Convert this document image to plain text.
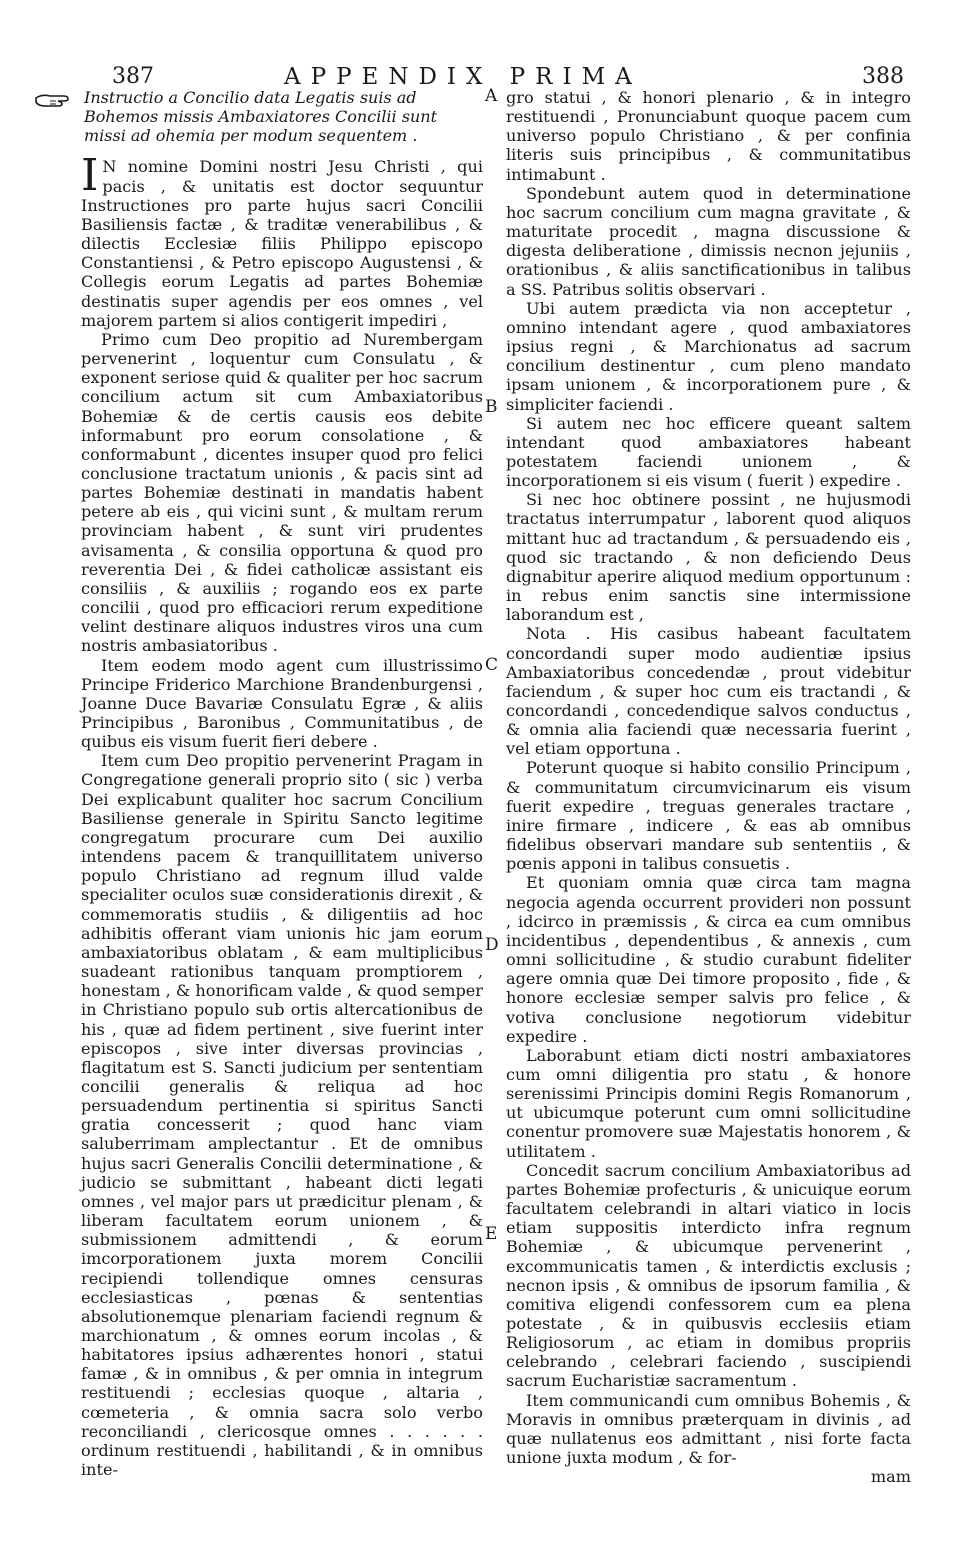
387	APPENDIX PRIMA	388

Instructio a Concilio data Legatis suis ad Bohemos missis Ambaxiatores Concilii sunt missi ad ohemia per modum sequentem .

I N nomine Domini nostri Jesu Christi , qui pacis , & unitatis est doctor sequuntur Instructiones pro parte hujus sacri Concilii Basiliensis factæ , & traditæ venerabilibus , & dilectis Ecclesiæ filiis Philippo episcopo Constantiensi , & Petro episcopo Augustensi , & Collegis eorum Legatis ad partes Bohemiæ destinatis super agendis per eos omnes , vel majorem partem si alios contigerit impediri ,

Primo cum Deo propitio ad Nurembergam pervenerint , loquentur cum Consulatu , & exponent seriose quid & qualiter per hoc sacrum concilium actum sit cum Ambaxiatoribus Bohemiæ & de certis causis eos debite informabunt pro eorum consolatione , & conformabunt , dicentes insuper quod pro felici conclusione tractatum unionis , & pacis sint ad partes Bohemiæ destinati in mandatis habent petere ab eis , qui vicini sunt , & multam rerum provinciam habent , & sunt viri prudentes avisamenta , & consilia opportuna & quod pro reverentia Dei , & fidei catholicæ assistant eis consiliis , & auxiliis ; rogando eos ex parte concilii , quod pro efficaciori rerum expeditione velint destinare aliquos industres viros una cum nostris ambasiatoribus .

Item eodem modo agent cum illustrissimo Principe Friderico Marchione Brandenburgensi , Joanne Duce Bavariæ Consulatu Egræ , & aliis Principibus , Baronibus , Communitatibus , de quibus eis visum fuerit fieri debere .

Item cum Deo propitio pervenerint Pragam in Congregatione generali proprio sito ( sic ) verba Dei explicabunt qualiter hoc sacrum Concilium Basiliense generale in Spiritu Sancto legitime congregatum procurare cum Dei auxilio intendens pacem & tranquillitatem universo populo Christiano ad regnum illud valde specialiter oculos suæ considerationis direxit , & commemoratis studiis , & diligentiis ad hoc adhibitis offerant viam unionis hic jam eorum ambaxiatoribus oblatam , & eam multiplicibus suadeant rationibus tanquam promptiorem , honestam , & honorificam valde , & quod semper in Christiano populo sub ortis altercationibus de his , quæ ad fidem pertinent , sive fuerint inter episcopos , sive inter diversas provincias , flagitatum est S. Sancti judicium per sententiam concilii generalis & reliqua ad hoc persuadendum pertinentia si spiritus Sancti gratia concesserit ; quod hanc viam saluberrimam amplectantur . Et de omnibus hujus sacri Generalis Concilii determinatione , & judicio se submittant , habeant dicti legati omnes , vel major pars ut prædicitur plenam , & liberam facultatem eorum unionem , & submissionem admittendi , & eorum imcorporationem juxta morem Concilii recipiendi tollendique omnes censuras ecclesiasticas , pœnas & sententias absolutionemque plenariam faciendi regnum & marchionatum , & omnes eorum incolas , & habitatores ipsius adhærentes honori , statui famæ , & in omnibus , & per omnia in integrum restituendi ; ecclesias quoque , altaria , cœmeteria , & omnia sacra solo verbo reconciliandi , clericosque omnes . . . . . . ordinum restituendi , habilitandi , & in omnibus inte-

A
B
C
D
E

gro statui , & honori plenario , & in integro restituendi , Pronunciabunt quoque pacem cum universo populo Christiano , & per confinia literis suis principibus , & communitatibus intimabunt .

Spondebunt autem quod in determinatione hoc sacrum concilium cum magna gravitate , & maturitate procedit , magna discussione & digesta deliberatione , dimissis necnon jejuniis , orationibus , & aliis sanctificationibus in talibus a SS. Patribus solitis observari .

Ubi autem prædicta via non acceptetur , omnino intendant agere , quod ambaxiatores ipsius regni , & Marchionatus ad sacrum concilium destinentur , cum pleno mandato ipsam unionem , & incorporationem pure , & simpliciter faciendi .

Si autem nec hoc efficere queant saltem intendant quod ambaxiatores habeant potestatem faciendi unionem , & incorporationem si eis visum ( fuerit ) expedire .

Si nec hoc obtinere possint , ne hujusmodi tractatus interrumpatur , laborent quod aliquos mittant huc ad tractandum , & persuadendo eis , quod sic tractando , & non deficiendo Deus dignabitur aperire aliquod medium opportunum : in rebus enim sanctis sine intermissione laborandum est ,

Nota . His casibus habeant facultatem concordandi super modo audientiæ ipsius Ambaxiatoribus concedendæ , prout videbitur faciendum , & super hoc cum eis tractandi , & concordandi , concedendique salvos conductus , & omnia alia faciendi quæ necessaria fuerint , vel etiam opportuna .

Poterunt quoque si habito consilio Principum , & communitatum circumvicinarum eis visum fuerit expedire , treguas generales tractare , inire firmare , indicere , & eas ab omnibus fidelibus observari mandare sub sententiis , & pœnis apponi in talibus consuetis .

Et quoniam omnia quæ circa tam magna negocia agenda occurrent provideri non possunt , idcirco in præmissis , & circa ea cum omnibus incidentibus , dependentibus , & annexis , cum omni sollicitudine , & studio curabunt fideliter agere omnia quæ Dei timore proposito , fide , & honore ecclesiæ semper salvis pro felice , & votiva conclusione negotiorum videbitur expedire .

Laborabunt etiam dicti nostri ambaxiatores cum omni diligentia pro statu , & honore serenissimi Principis domini Regis Romanorum , ut ubicumque poterunt cum omni sollicitudine conentur promovere suæ Majestatis honorem , & utilitatem .

Concedit sacrum concilium Ambaxiatoribus ad partes Bohemiæ profecturis , & unicuique eorum facultatem celebrandi in altari viatico in locis etiam suppositis interdicto infra regnum Bohemiæ , & ubicumque pervenerint , excommunicatis tamen , & interdictis exclusis ; necnon ipsis , & omnibus de ipsorum familia , & comitiva eligendi confessorem cum ea plena potestate , & in quibusvis ecclesiis etiam Religiosorum , ac etiam in domibus propriis celebrando , celebrari faciendo , suscipiendi sacrum Eucharistiæ sacramentum .

Item communicandi cum omnibus Bohemis , & Moravis in omnibus præterquam in divinis , ad quæ nullatenus eos admittant , nisi forte facta unione juxta modum , & for-

mam
